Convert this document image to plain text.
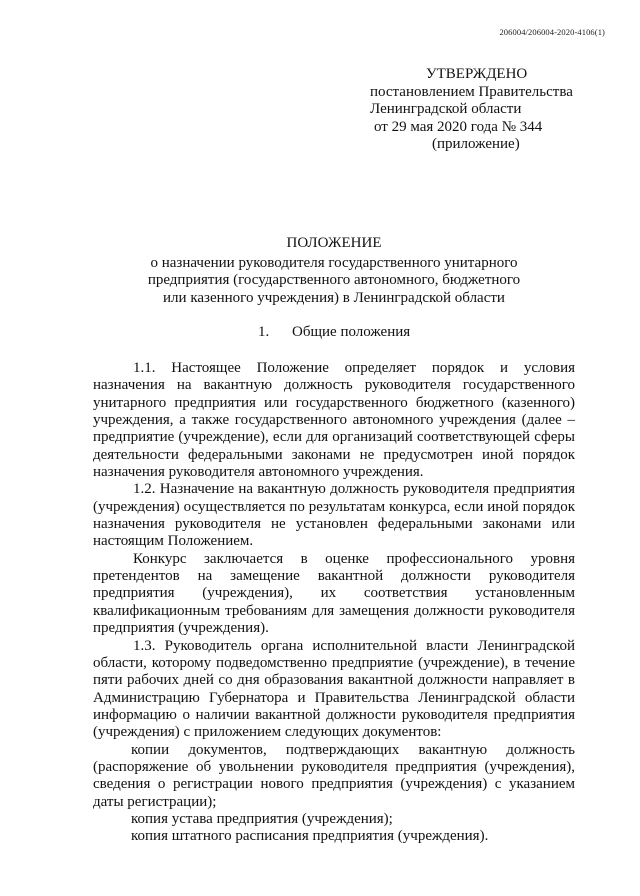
206004/206004-2020-4106(1)
УТВЕРЖДЕНО
постановлением Правительства
Ленинградской области
от 29 мая 2020 года № 344
(приложение)
ПОЛОЖЕНИЕ
о назначении руководителя государственного унитарного
предприятия (государственного автономного, бюджетного
или казенного учреждения) в Ленинградской области
1. Общие положения

1.1. Настоящее Положение определяет порядок и условия назначения на вакантную должность руководителя государственного унитарного предприятия или государственного бюджетного (казенного) учреждения, а также государственного автономного учреждения (далее – предприятие (учреждение), если для организаций соответствующей сферы деятельности федеральными законами не предусмотрен иной порядок назначения руководителя автономного учреждения.

1.2. Назначение на вакантную должность руководителя предприятия (учреждения) осуществляется по результатам конкурса, если иной порядок назначения руководителя не установлен федеральными законами или настоящим Положением.

Конкурс заключается в оценке профессионального уровня претендентов на замещение вакантной должности руководителя предприятия (учреждения), их соответствия установленным квалификационным требованиям для замещения должности руководителя предприятия (учреждения).

1.3. Руководитель органа исполнительной власти Ленинградской области, которому подведомственно предприятие (учреждение), в течение пяти рабочих дней со дня образования вакантной должности направляет в Администрацию Губернатора и Правительства Ленинградской области информацию о наличии вакантной должности руководителя предприятия (учреждения) с приложением следующих документов:

копии документов, подтверждающих вакантную должность (распоряжение об увольнении руководителя предприятия (учреждения), сведения о регистрации нового предприятия (учреждения) с указанием даты регистрации);

копия устава предприятия (учреждения);

копия штатного расписания предприятия (учреждения).
